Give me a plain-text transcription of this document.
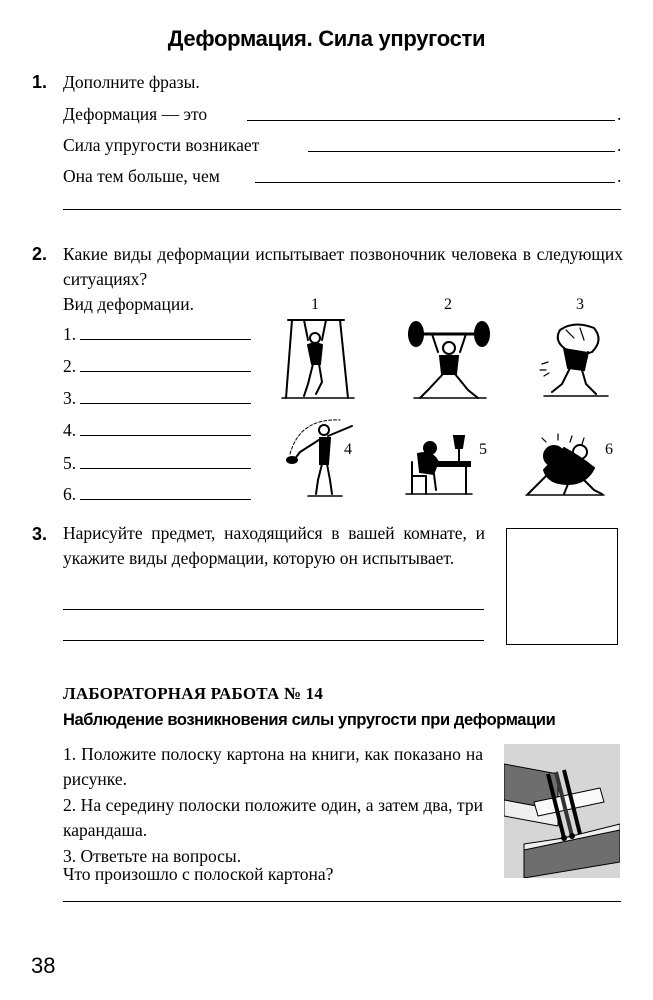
Деформация. Сила упругости
1. Дополните фразы.
Деформация — это	.
Сила упругости возникает	.
Она тем больше, чем	.
2. Какие виды деформации испытывает позвоночник человека в следующих ситуациях?
Вид деформации.
1.
2.
3.
4.
5.
6.
1	2	3
4	5	6
3. Нарисуйте предмет, находящийся в вашей комнате, и укажите виды деформации, которую он испытывает.
ЛАБОРАТОРНАЯ РАБОТА № 14
Наблюдение возникновения силы упругости при деформации
1. Положите полоску картона на книги, как показано на рисунке.
2. На середину полоски положите один, а затем два, три карандаша.
3. Ответьте на вопросы.
Что произошло с полоской картона?
38
